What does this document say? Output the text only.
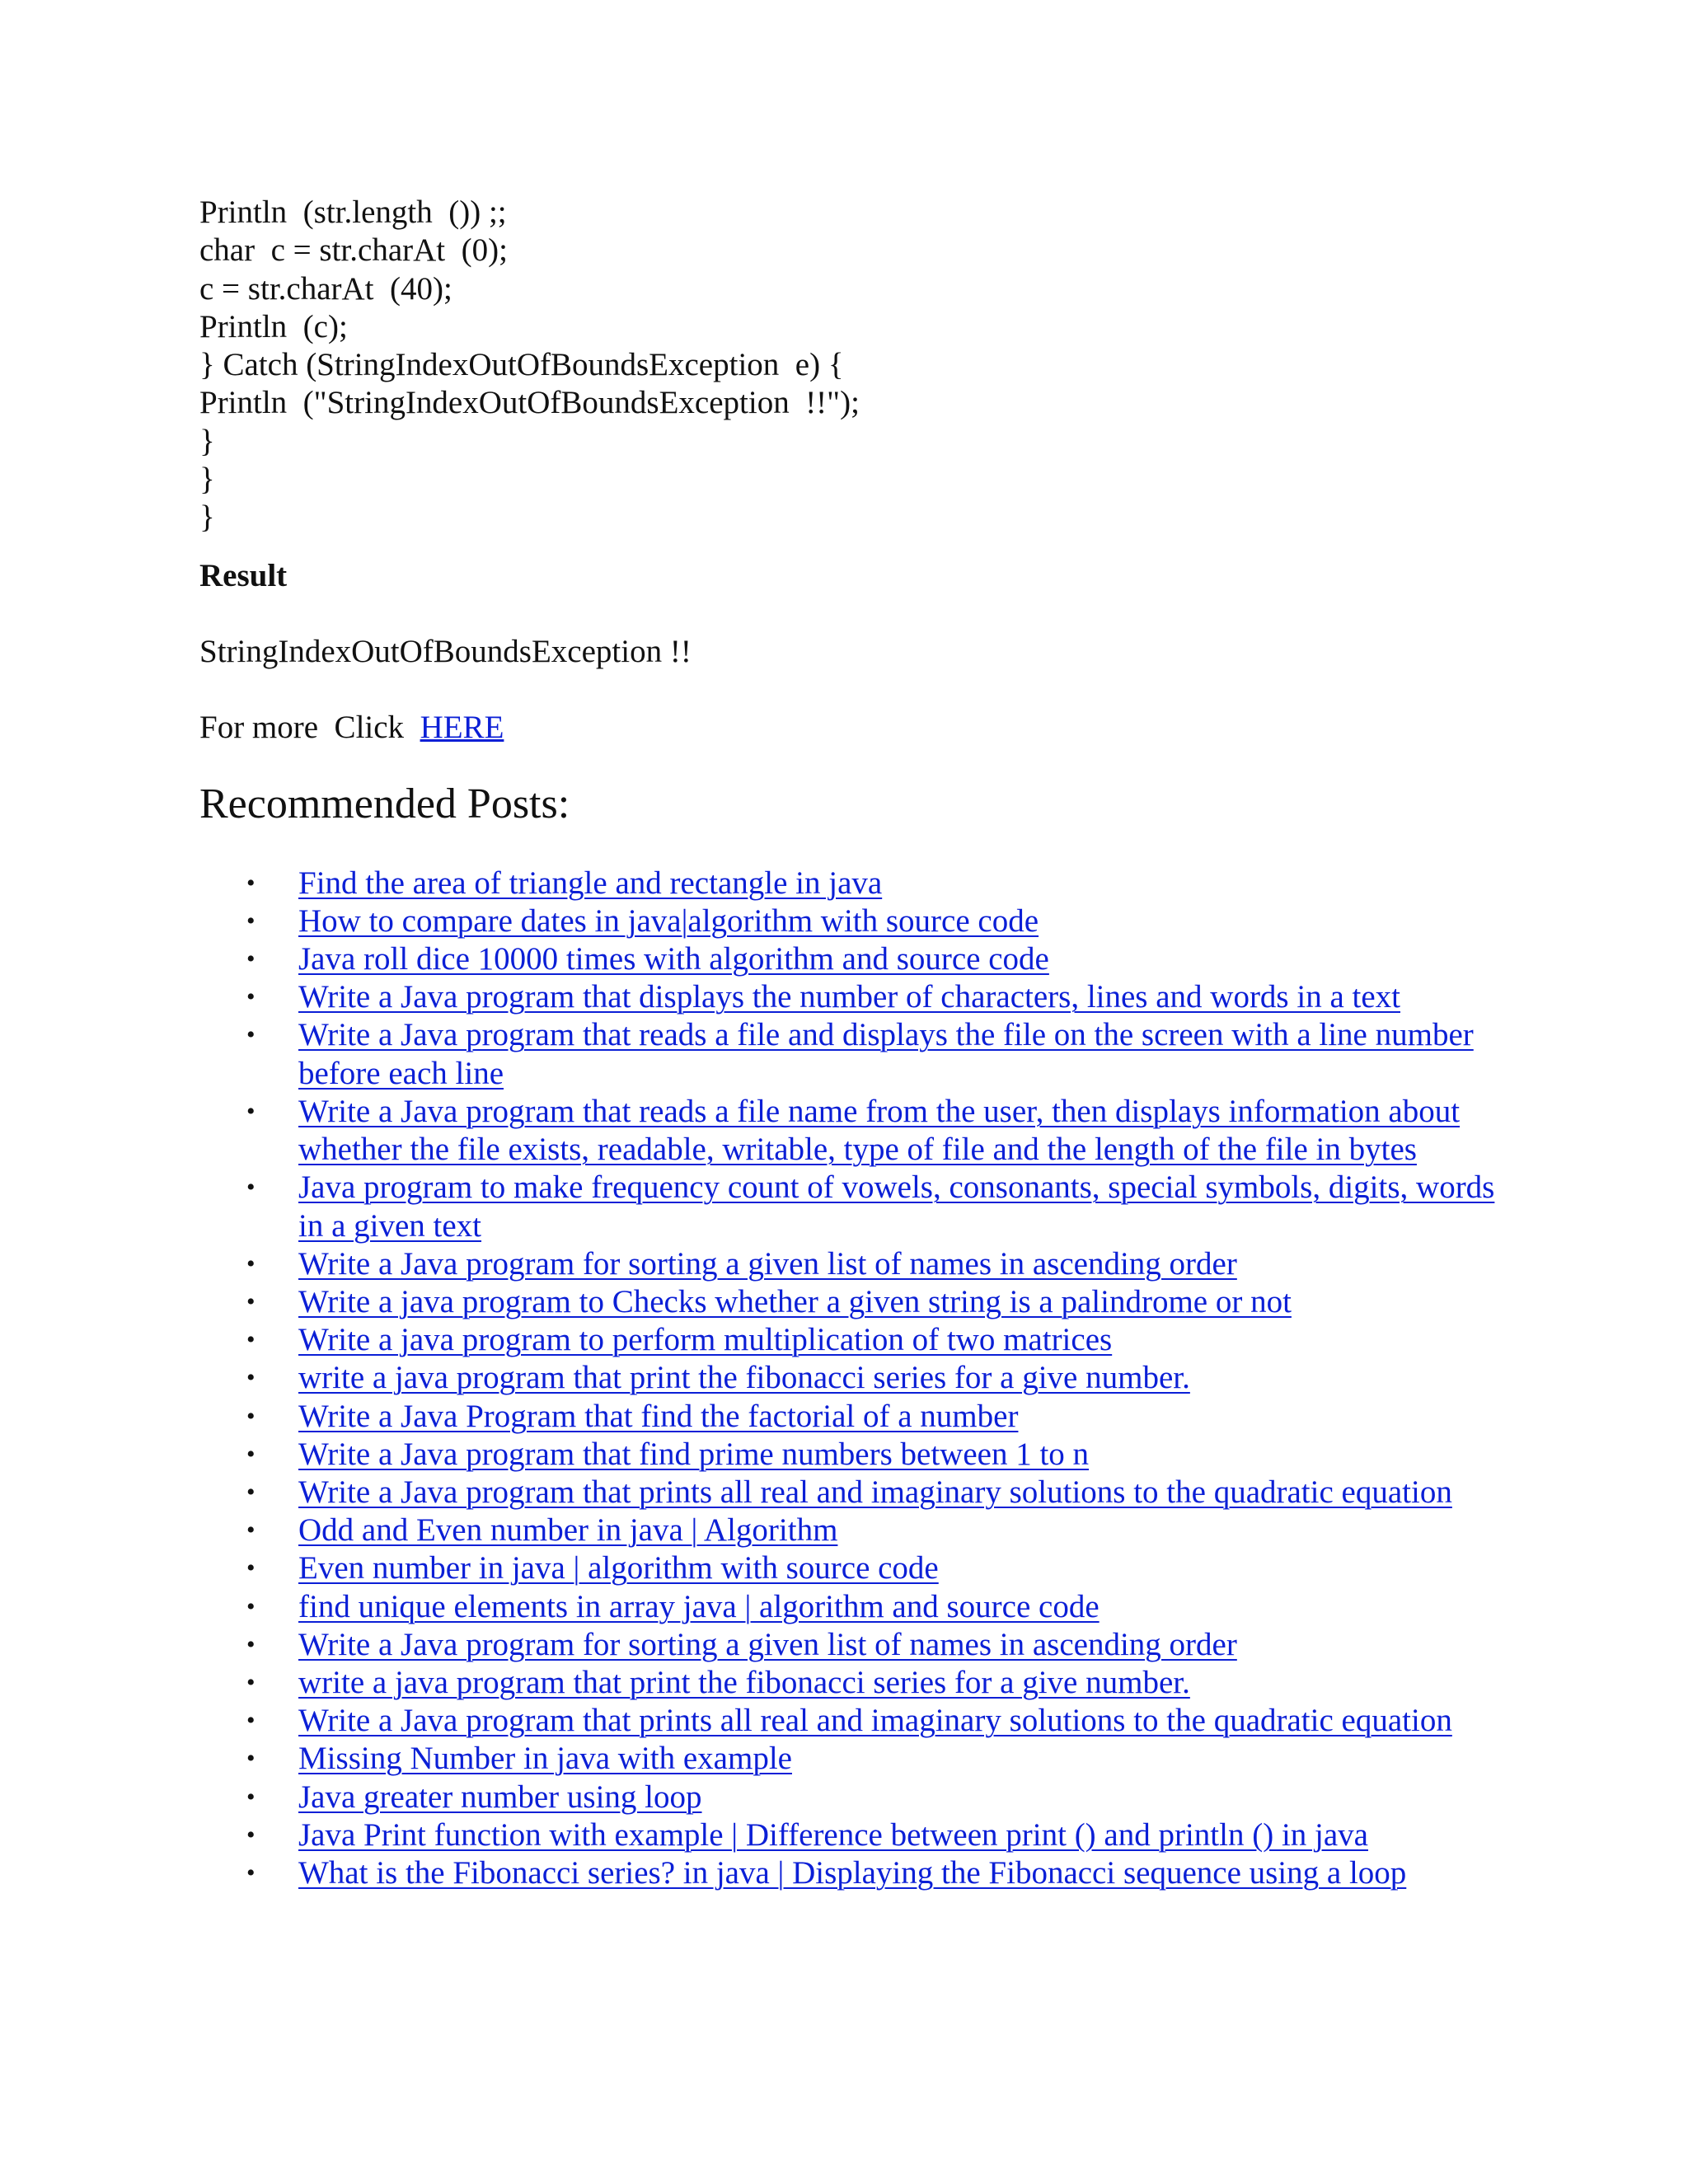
Println  (str.length  ()) ;;
char  c = str.charAt  (0);
c = str.charAt  (40);
Println  (c);
} Catch (StringIndexOutOfBoundsException  e) {
Println  ("StringIndexOutOfBoundsException  !!");
}
}
}
Result
StringIndexOutOfBoundsException !!
For more  Click  HERE
Recommended Posts:
• Find the area of triangle and rectangle in java
• How to compare dates in java|algorithm with source code
• Java roll dice 10000 times with algorithm and source code
• Write a Java program that displays the number of characters, lines and words in a text
• Write a Java program that reads a file and displays the file on the screen with a line number before each line
• Write a Java program that reads a file name from the user, then displays information about whether the file exists, readable, writable, type of file and the length of the file in bytes
• Java program to make frequency count of vowels, consonants, special symbols, digits, words in a given text
• Write a Java program for sorting a given list of names in ascending order
• Write a java program to Checks whether a given string is a palindrome or not
• Write a java program to perform multiplication of two matrices
• write a java program that print the fibonacci series for a give number.
• Write a Java Program that find the factorial of a number
• Write a Java program that find prime numbers between 1 to n
• Write a Java program that prints all real and imaginary solutions to the quadratic equation
• Odd and Even number in java | Algorithm
• Even number in java | algorithm with source code
• find unique elements in array java | algorithm and source code
• Write a Java program for sorting a given list of names in ascending order
• write a java program that print the fibonacci series for a give number.
• Write a Java program that prints all real and imaginary solutions to the quadratic equation
• Missing Number in java with example
• Java greater number using loop
• Java Print function with example | Difference between print () and println () in java
• What is the Fibonacci series? in java | Displaying the Fibonacci sequence using a loop
